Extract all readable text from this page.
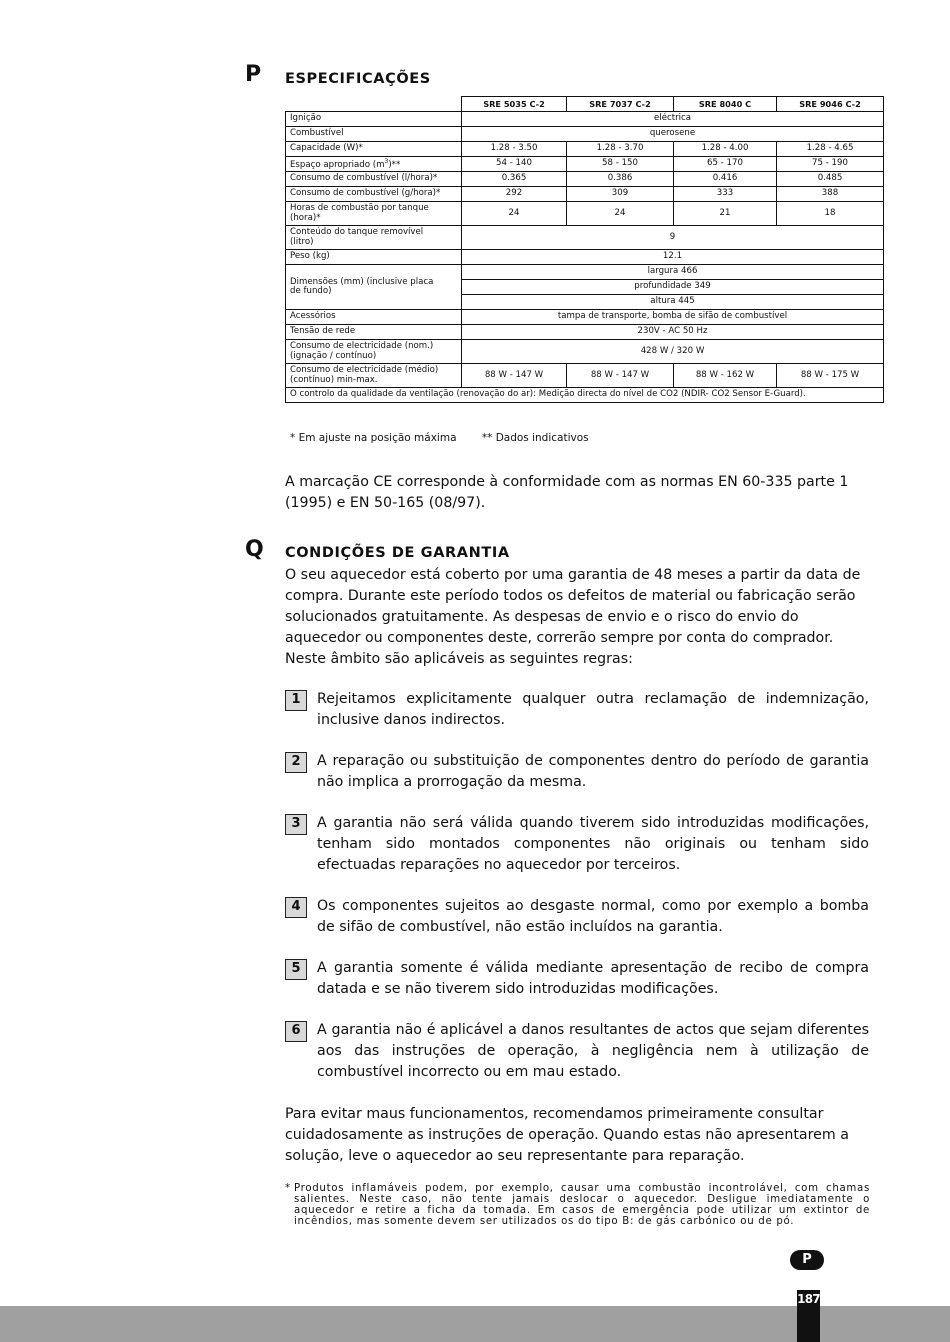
P ESPECIFICAÇÕES
	SRE 5035 C-2	SRE 7037 C-2	SRE 8040 C	SRE 9046 C-2
Ignição	eléctrica			
Combustível	querosene			
Capacidade (W)*	1.28 - 3.50	1.28 - 3.70	1.28 - 4.00	1.28 - 4.65
Espaço apropriado $(m^3)**$	54 - 140	58 - 150	65 - 170	75 - 190
Consumo de combustível (l/hora)*	0.365	0.386	0.416	0.485
Consumo de combustível (g/hora)*	292	309	333	388
Horas de combustão por tanque
(hora)*	24	24	21	18
Conteúdo do tanque removível
(litro)	9			
Peso (kg)	12.1			
Dimensões (mm) (inclusive placa
de fundo)	largura 466			
	profundidade 349			
	altura 445			
Acessórios	tampa de transporte, bomba de sifão de combustível			
Tensão de rede	230V - AC 50 Hz			
Consumo de electricidade (nom.)
(ignação / contínuo)	428 W / 320 W			
Consumo de electricidade (médio)
(contínuo) min-max.	88 W - 147 W	88 W - 147 W	88 W - 162 W	88 W - 175 W
O controlo da qualidade da ventilação (renovação do ar): Medição directa do nível de CO2 (NDIR- CO2 Sensor E-Guard).				
* Em ajuste na posição máxima ** Dados indicativos
A marcação CE corresponde à conformidade com as normas EN 60-335 parte 1 (1995) e EN 50-165 (08/97).
Q CONDIÇÕES DE GARANTIA
O seu aquecedor está coberto por uma garantia de 48 meses a partir da data de compra. Durante este período todos os defeitos de material ou fabricação serão solucionados gratuitamente. As despesas de envio e o risco do envio do aquecedor ou componentes deste, correrão sempre por conta do comprador. Neste âmbito são aplicáveis as seguintes regras:
1	Rejeitamos explicitamente qualquer outra reclamação de indemnização, inclusive danos indirectos.
2	A reparação ou substituição de componentes dentro do período de garantia não implica a prorrogação da mesma.
3	A garantia não será válida quando tiverem sido introduzidas modificações, tenham sido montados componentes não originais ou tenham sido efectuadas reparações no aquecedor por terceiros.
4	Os componentes sujeitos ao desgaste normal, como por exemplo a bomba de sifão de combustível, não estão incluídos na garantia.
5	A garantia somente é válida mediante apresentação de recibo de compra datada e se não tiverem sido introduzidas modificações.
6	A garantia não é aplicável a danos resultantes de actos que sejam diferentes aos das instruções de operação, à negligência nem à utilização de combustível incorrecto ou em mau estado.
Para evitar maus funcionamentos, recomendamos primeiramente consultar cuidadosamente as instruções de operação. Quando estas não apresentarem a solução, leve o aquecedor ao seu representante para reparação.
* Produtos inflamáveis podem, por exemplo, causar uma combustão incontrolável, com chamas salientes. Neste caso, não tente jamais deslocar o aquecedor. Desligue imediatamente o aquecedor e retire a ficha da tomada. Em casos de emergência pode utilizar um extintor de incêndios, mas somente devem ser utilizados os do tipo B: de gás carbónico ou de pó.
P
187
